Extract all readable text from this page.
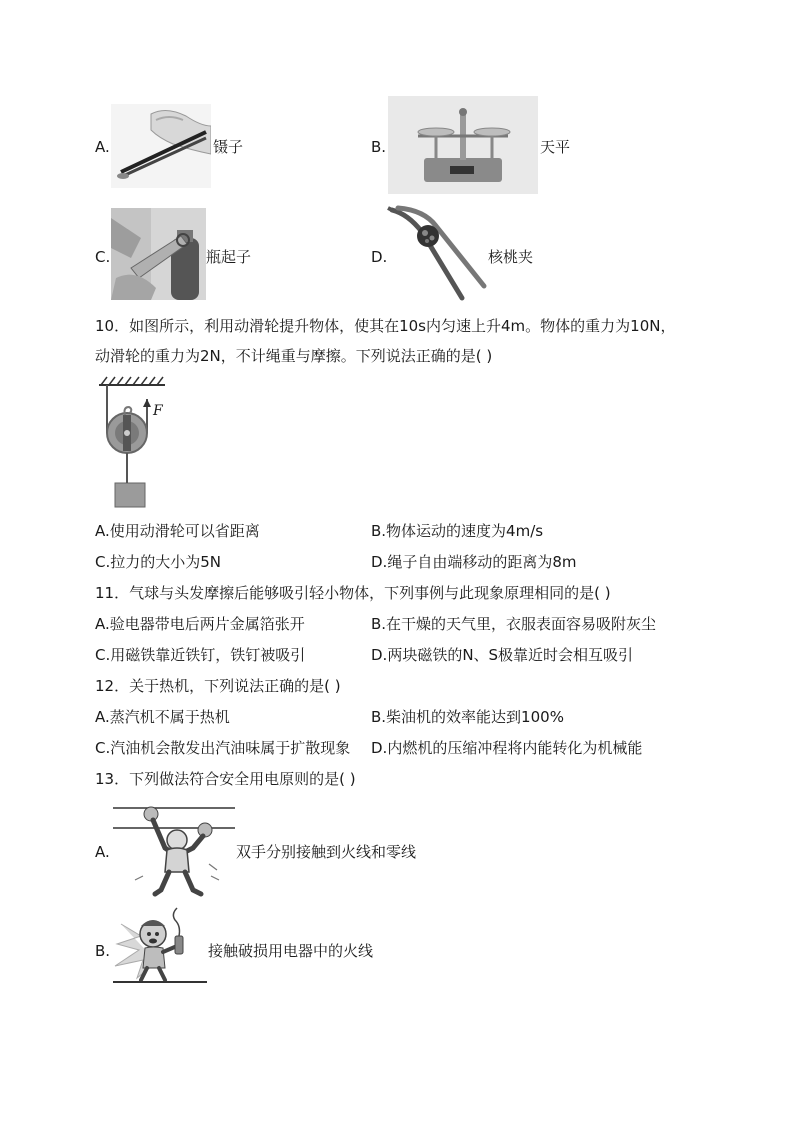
A.	镊子	B.	天平
C.	瓶起子	D.	核桃夹
10．如图所示，利用动滑轮提升物体，使其在10s内匀速上升4m。物体的重力为10N，
动滑轮的重力为2N，不计绳重与摩擦。下列说法正确的是( )
F
A.使用动滑轮可以省距离	B.物体运动的速度为4m/s
C.拉力的大小为5N	D.绳子自由端移动的距离为8m
11．气球与头发摩擦后能够吸引轻小物体，下列事例与此现象原理相同的是( )
A.验电器带电后两片金属箔张开	B.在干燥的天气里，衣服表面容易吸附灰尘
C.用磁铁靠近铁钉，铁钉被吸引	D.两块磁铁的N、S极靠近时会相互吸引
12．关于热机，下列说法正确的是( )
A.蒸汽机不属于热机	B.柴油机的效率能达到100%
C.汽油机会散发出汽油味属于扩散现象 D.内燃机的压缩冲程将内能转化为机械能
13．下列做法符合安全用电原则的是( )
A.	双手分别接触到火线和零线
B.	接触破损用电器中的火线
